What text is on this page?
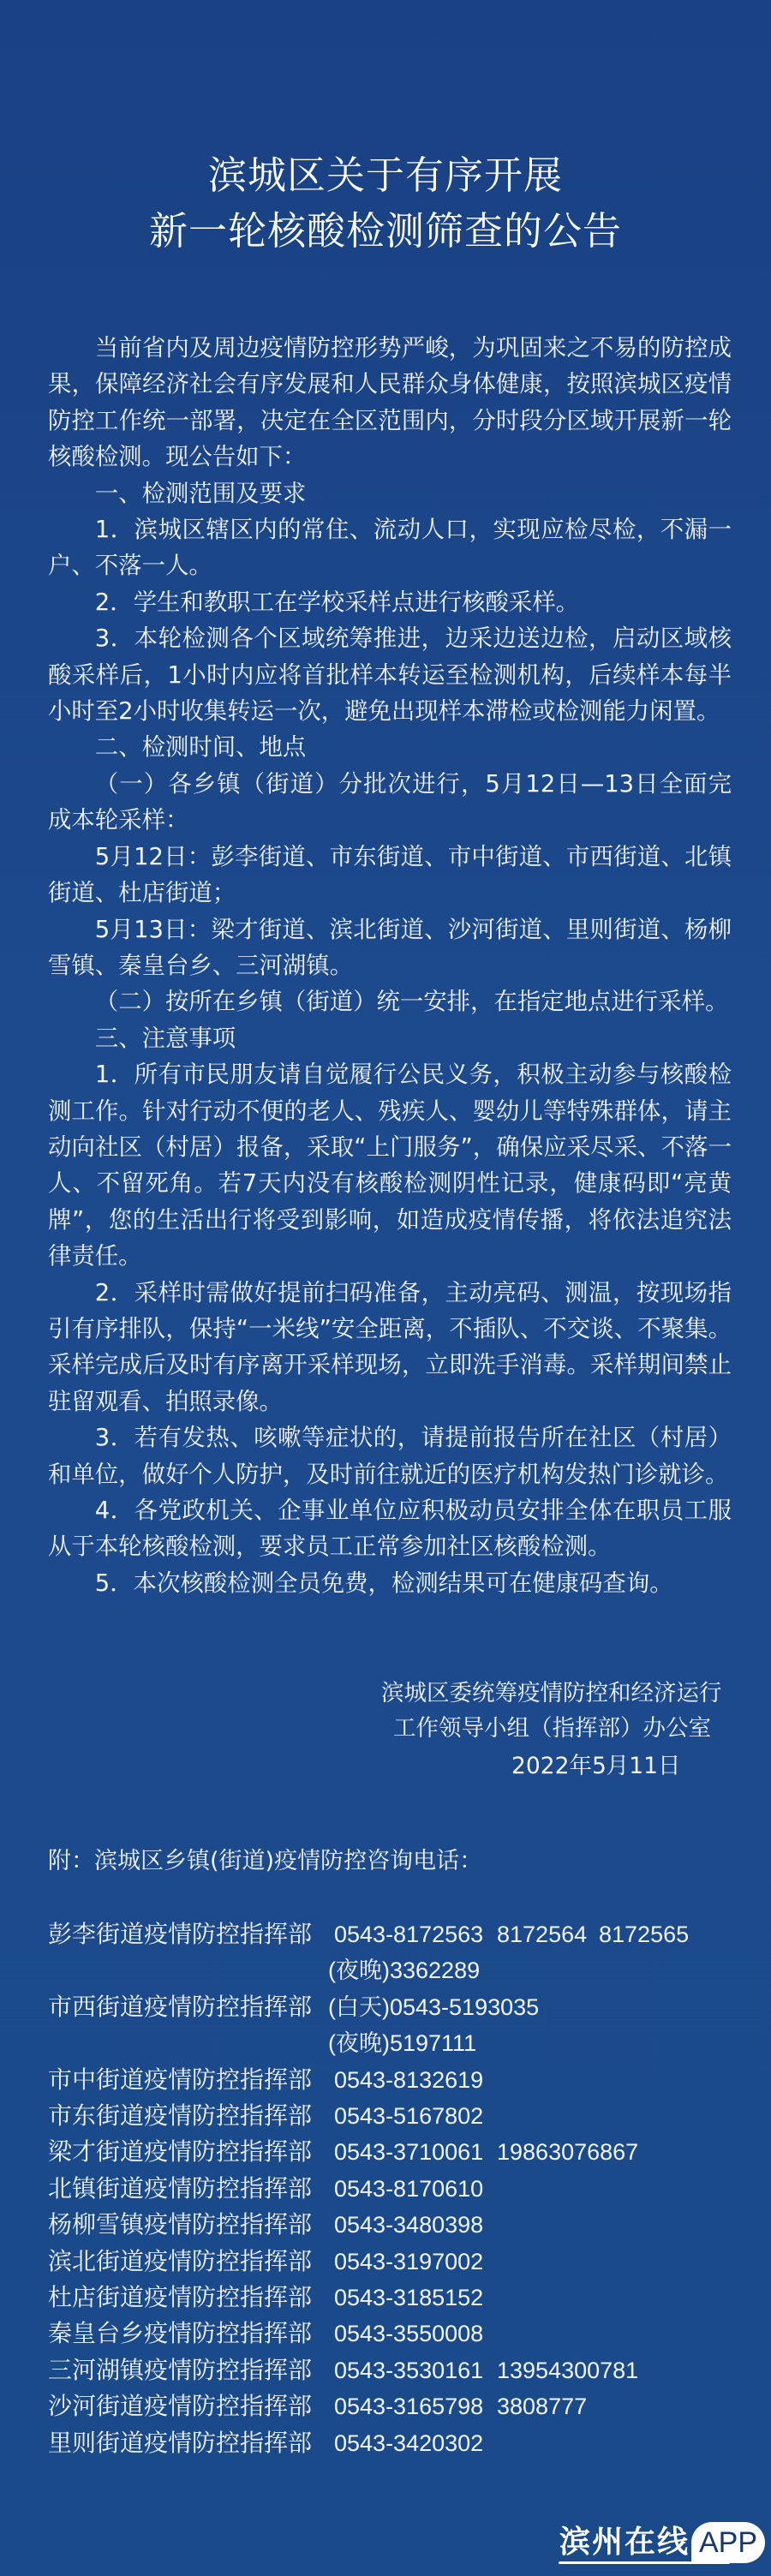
滨城区关于有序开展
新一轮核酸检测筛查的公告

当前省内及周边疫情防控形势严峻，为巩固来之不易的防控成果，保障经济社会有序发展和人民群众身体健康，按照滨城区疫情防控工作统一部署，决定在全区范围内，分时段分区域开展新一轮核酸检测。现公告如下：

一、检测范围及要求

1．滨城区辖区内的常住、流动人口，实现应检尽检，不漏一户、不落一人。

2．学生和教职工在学校采样点进行核酸采样。

3．本轮检测各个区域统筹推进，边采边送边检，启动区域核酸采样后，1小时内应将首批样本转运至检测机构，后续样本每半小时至2小时收集转运一次，避免出现样本滞检或检测能力闲置。

二、检测时间、地点

（一）各乡镇（街道）分批次进行，5月12日—13日全面完成本轮采样：

5月12日：彭李街道、市东街道、市中街道、市西街道、北镇街道、杜店街道；

5月13日：梁才街道、滨北街道、沙河街道、里则街道、杨柳雪镇、秦皇台乡、三河湖镇。

（二）按所在乡镇（街道）统一安排，在指定地点进行采样。

三、注意事项

1．所有市民朋友请自觉履行公民义务，积极主动参与核酸检测工作。针对行动不便的老人、残疾人、婴幼儿等特殊群体，请主动向社区（村居）报备，采取“上门服务”，确保应采尽采、不落一人、不留死角。若7天内没有核酸检测阴性记录，健康码即“亮黄牌”，您的生活出行将受到影响，如造成疫情传播，将依法追究法律责任。

2．采样时需做好提前扫码准备，主动亮码、测温，按现场指引有序排队，保持“一米线”安全距离，不插队、不交谈、不聚集。采样完成后及时有序离开采样现场，立即洗手消毒。采样期间禁止驻留观看、拍照录像。

3．若有发热、咳嗽等症状的，请提前报告所在社区（村居）和单位，做好个人防护，及时前往就近的医疗机构发热门诊就诊。

4．各党政机关、企事业单位应积极动员安排全体在职员工服从于本轮核酸检测，要求员工正常参加社区核酸检测。

5．本次核酸检测全员免费，检测结果可在健康码查询。

滨城区委统筹疫情防控和经济运行
工作领导小组（指挥部）办公室
2022年5月11日
附：滨城区乡镇(街道)疫情防控咨询电话：
彭李街道疫情防控指挥部 0543-8172563 8172564 8172565
(夜晚)3362289
市西街道疫情防控指挥部 (白天)0543-5193035
(夜晚)5197111
市中街道疫情防控指挥部 0543-8132619
市东街道疫情防控指挥部 0543-5167802
梁才街道疫情防控指挥部 0543-3710061 19863076867
北镇街道疫情防控指挥部 0543-8170610
杨柳雪镇疫情防控指挥部 0543-3480398
滨北街道疫情防控指挥部 0543-3197002
杜店街道疫情防控指挥部 0543-3185152
秦皇台乡疫情防控指挥部 0543-3550008
三河湖镇疫情防控指挥部 0543-3530161 13954300781
沙河街道疫情防控指挥部 0543-3165798 3808777
里则街道疫情防控指挥部 0543-3420302
滨州在线 APP
